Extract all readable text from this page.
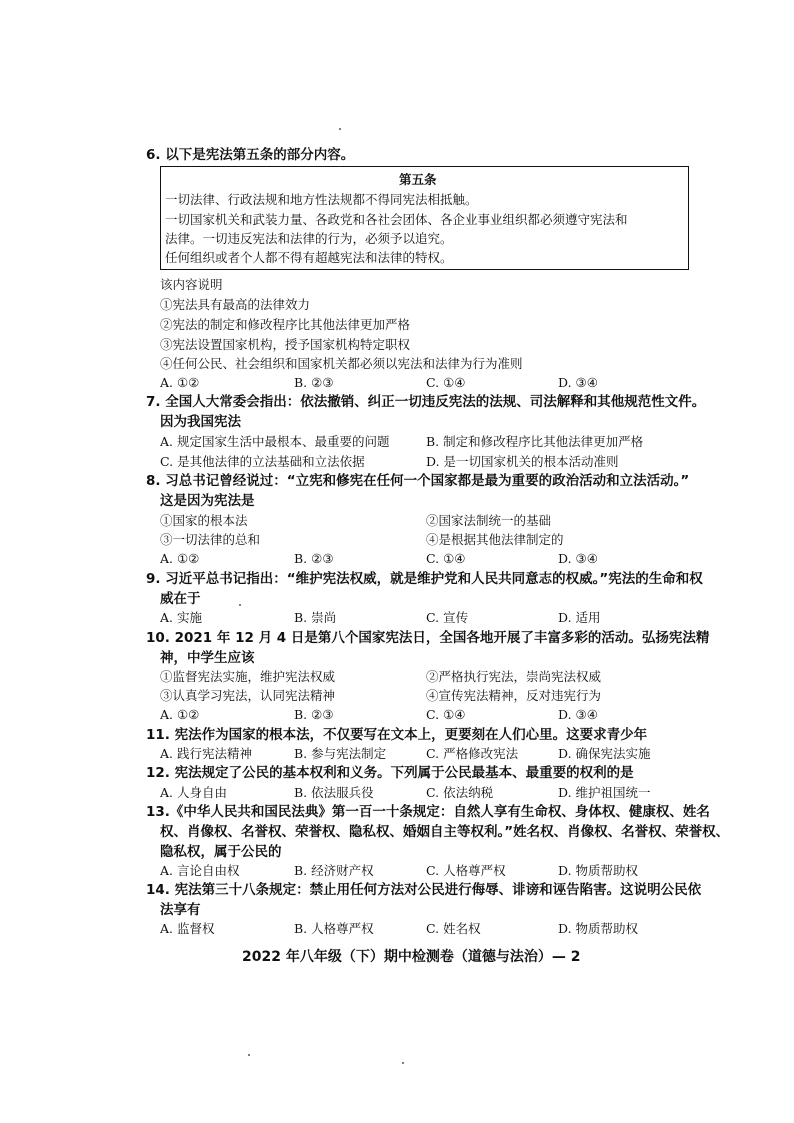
6. 以下是宪法第五条的部分内容。
第五条
一切法律、行政法规和地方性法规都不得同宪法相抵触。
一切国家机关和武装力量、各政党和各社会团体、各企业事业组织都必须遵守宪法和
法律。一切违反宪法和法律的行为，必须予以追究。
任何组织或者个人都不得有超越宪法和法律的特权。
该内容说明
①宪法具有最高的法律效力
②宪法的制定和修改程序比其他法律更加严格
③宪法设置国家机构，授予国家机构特定职权
④任何公民、社会组织和国家机关都必须以宪法和法律为行为准则
A. ①②	B. ②③	C. ①④	D. ③④
7. 全国人大常委会指出：依法撤销、纠正一切违反宪法的法规、司法解释和其他规范性文件。
因为我国宪法
A. 规定国家生活中最根本、最重要的问题	B. 制定和修改程序比其他法律更加严格
C. 是其他法律的立法基础和立法依据	D. 是一切国家机关的根本活动准则
8. 习总书记曾经说过：“立宪和修宪在任何一个国家都是最为重要的政治活动和立法活动。”
这是因为宪法是
①国家的根本法	②国家法制统一的基础
③一切法律的总和	④是根据其他法律制定的
A. ①②	B. ②③	C. ①④	D. ③④
9. 习近平总书记指出：“维护宪法权威，就是维护党和人民共同意志的权威。”宪法的生命和权
威在于
A. 实施	B. 崇尚	C. 宣传	D. 适用
10. 2021 年 12 月 4 日是第八个国家宪法日，全国各地开展了丰富多彩的活动。弘扬宪法精
神，中学生应该
①监督宪法实施，维护宪法权威	②严格执行宪法，崇尚宪法权威
③认真学习宪法，认同宪法精神	④宣传宪法精神，反对违宪行为
A. ①②	B. ②③	C. ①④	D. ③④
11. 宪法作为国家的根本法，不仅要写在文本上，更要刻在人们心里。这要求青少年
A. 践行宪法精神	B. 参与宪法制定	C. 严格修改宪法	D. 确保宪法实施
12. 宪法规定了公民的基本权利和义务。下列属于公民最基本、最重要的权利的是
A. 人身自由	B. 依法服兵役	C. 依法纳税	D. 维护祖国统一
13.《中华人民共和国民法典》第一百一十条规定：自然人享有生命权、身体权、健康权、姓名
权、肖像权、名誉权、荣誉权、隐私权、婚姻自主等权利。”姓名权、肖像权、名誉权、荣誉权、
隐私权，属于公民的
A. 言论自由权	B. 经济财产权	C. 人格尊严权	D. 物质帮助权
14. 宪法第三十八条规定：禁止用任何方法对公民进行侮辱、诽谤和诬告陷害。这说明公民依
法享有
A. 监督权	B. 人格尊严权	C. 姓名权	D. 物质帮助权
2022 年八年级（下）期中检测卷（道德与法治）— 2
